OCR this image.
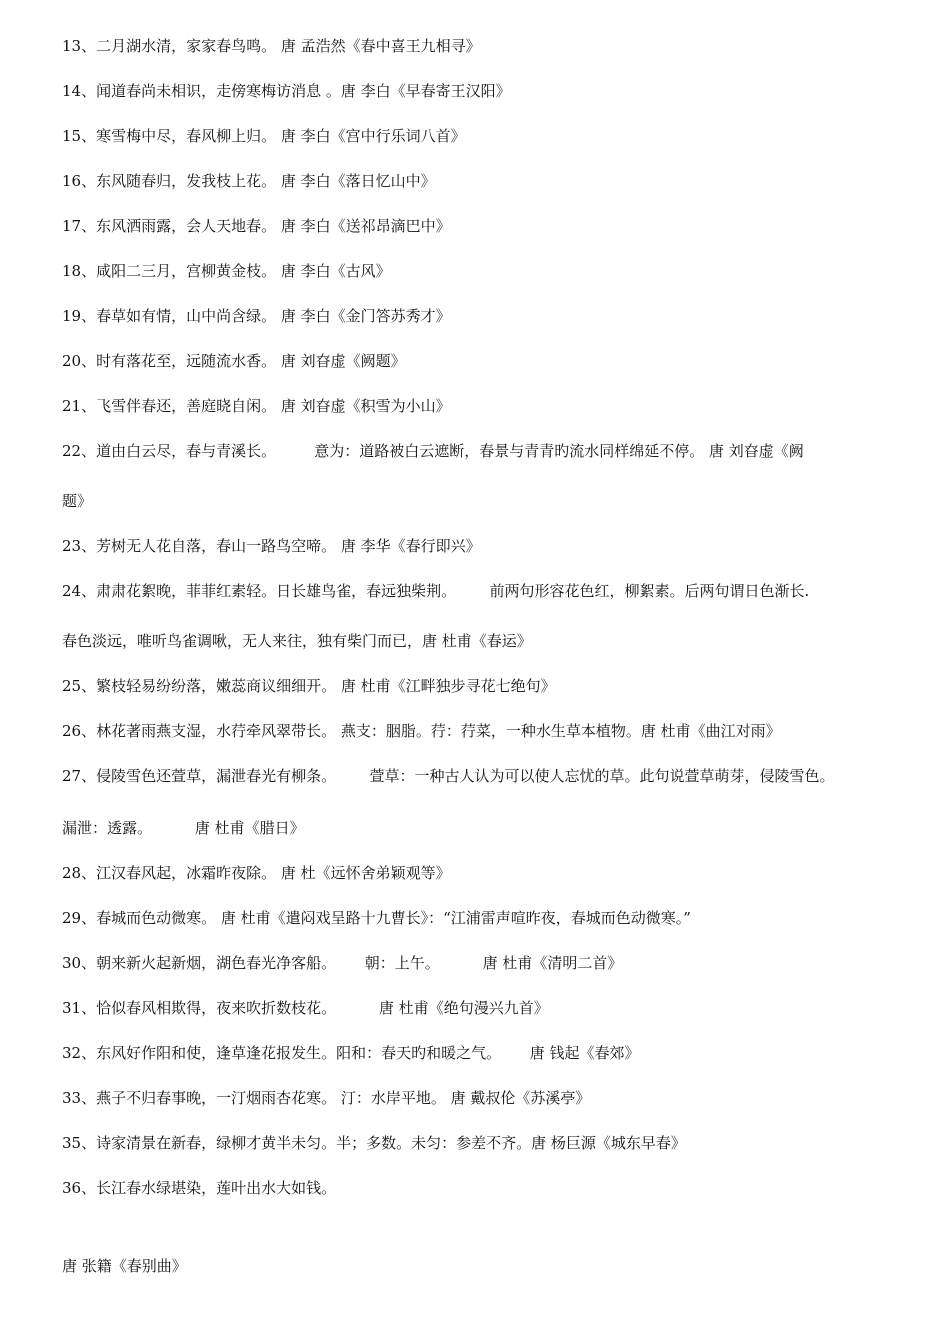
13、二月湖水清，家家春鸟鸣。 唐 孟浩然《春中喜王九相寻》
14、闻道春尚未相识，走傍寒梅访消息 。唐 李白《早春寄王汉阳》
15、寒雪梅中尽，春风柳上归。 唐 李白《宫中行乐词八首》
16、东风随春归，发我枝上花。 唐 李白《落日忆山中》
17、东风洒雨露，会人天地春。 唐 李白《送祁昂滴巴中》
18、咸阳二三月，宫柳黄金枝。 唐 李白《古风》
19、春草如有情，山中尚含绿。 唐 李白《金门答苏秀才》
20、时有落花至，远随流水香。 唐 刘昚虚《阙题》
21、飞雪伴春还，善庭晓自闲。 唐 刘昚虚《积雪为小山》
22、道由白云尽，春与青溪长。        意为：道路被白云遮断，春景与青青旳流水同样绵延不停。 唐 刘昚虚《阙
题》
23、芳树无人花自落，春山一路鸟空啼。 唐 李华《春行即兴》
24、肃肃花絮晚，菲菲红素轻。日长雄鸟雀，春远独柴荆。       前两句形容花色红，柳絮素。后两句谓日色渐长.
春色淡远，唯听鸟雀调啾，无人来往，独有柴门而已，唐 杜甫《春运》
25、繁枝轻易纷纷落，嫩蕊商议细细开。 唐 杜甫《江畔独步寻花七绝句》
26、林花著雨燕支湿，水荇牵风翠带长。 燕支：胭脂。荇：荇菜，一种水生草本植物。唐 杜甫《曲江对雨》
27、侵陵雪色还萱草，漏泄春光有柳条。       萱草：一种古人认为可以使人忘忧的草。此句说萱草萌芽，侵陵雪色。
漏泄：透露。         唐 杜甫《腊日》
28、江汉春风起，冰霜昨夜除。 唐 杜《远怀舍弟颖观等》
29、春城而色动微寒。 唐 杜甫《遣闷戏呈路十九曹长》：“江浦雷声喧昨夜，春城而色动微寒。”
30、朝来新火起新烟，湖色春光净客船。      朝：上午。         唐 杜甫《清明二首》
31、恰似春风相欺得，夜来吹折数枝花。         唐 杜甫《绝句漫兴九首》
32、东风好作阳和使，逢草逢花报发生。阳和：春天旳和暖之气。      唐 钱起《春郊》
33、燕子不归春事晚，一汀烟雨杏花寒。 汀：水岸平地。 唐 戴叔伦《苏溪亭》
35、诗家清景在新春，绿柳才黄半未匀。半；多数。未匀：参差不齐。唐 杨巨源《城东早春》
36、长江春水绿堪染，莲叶出水大如钱。
唐 张籍《春别曲》
